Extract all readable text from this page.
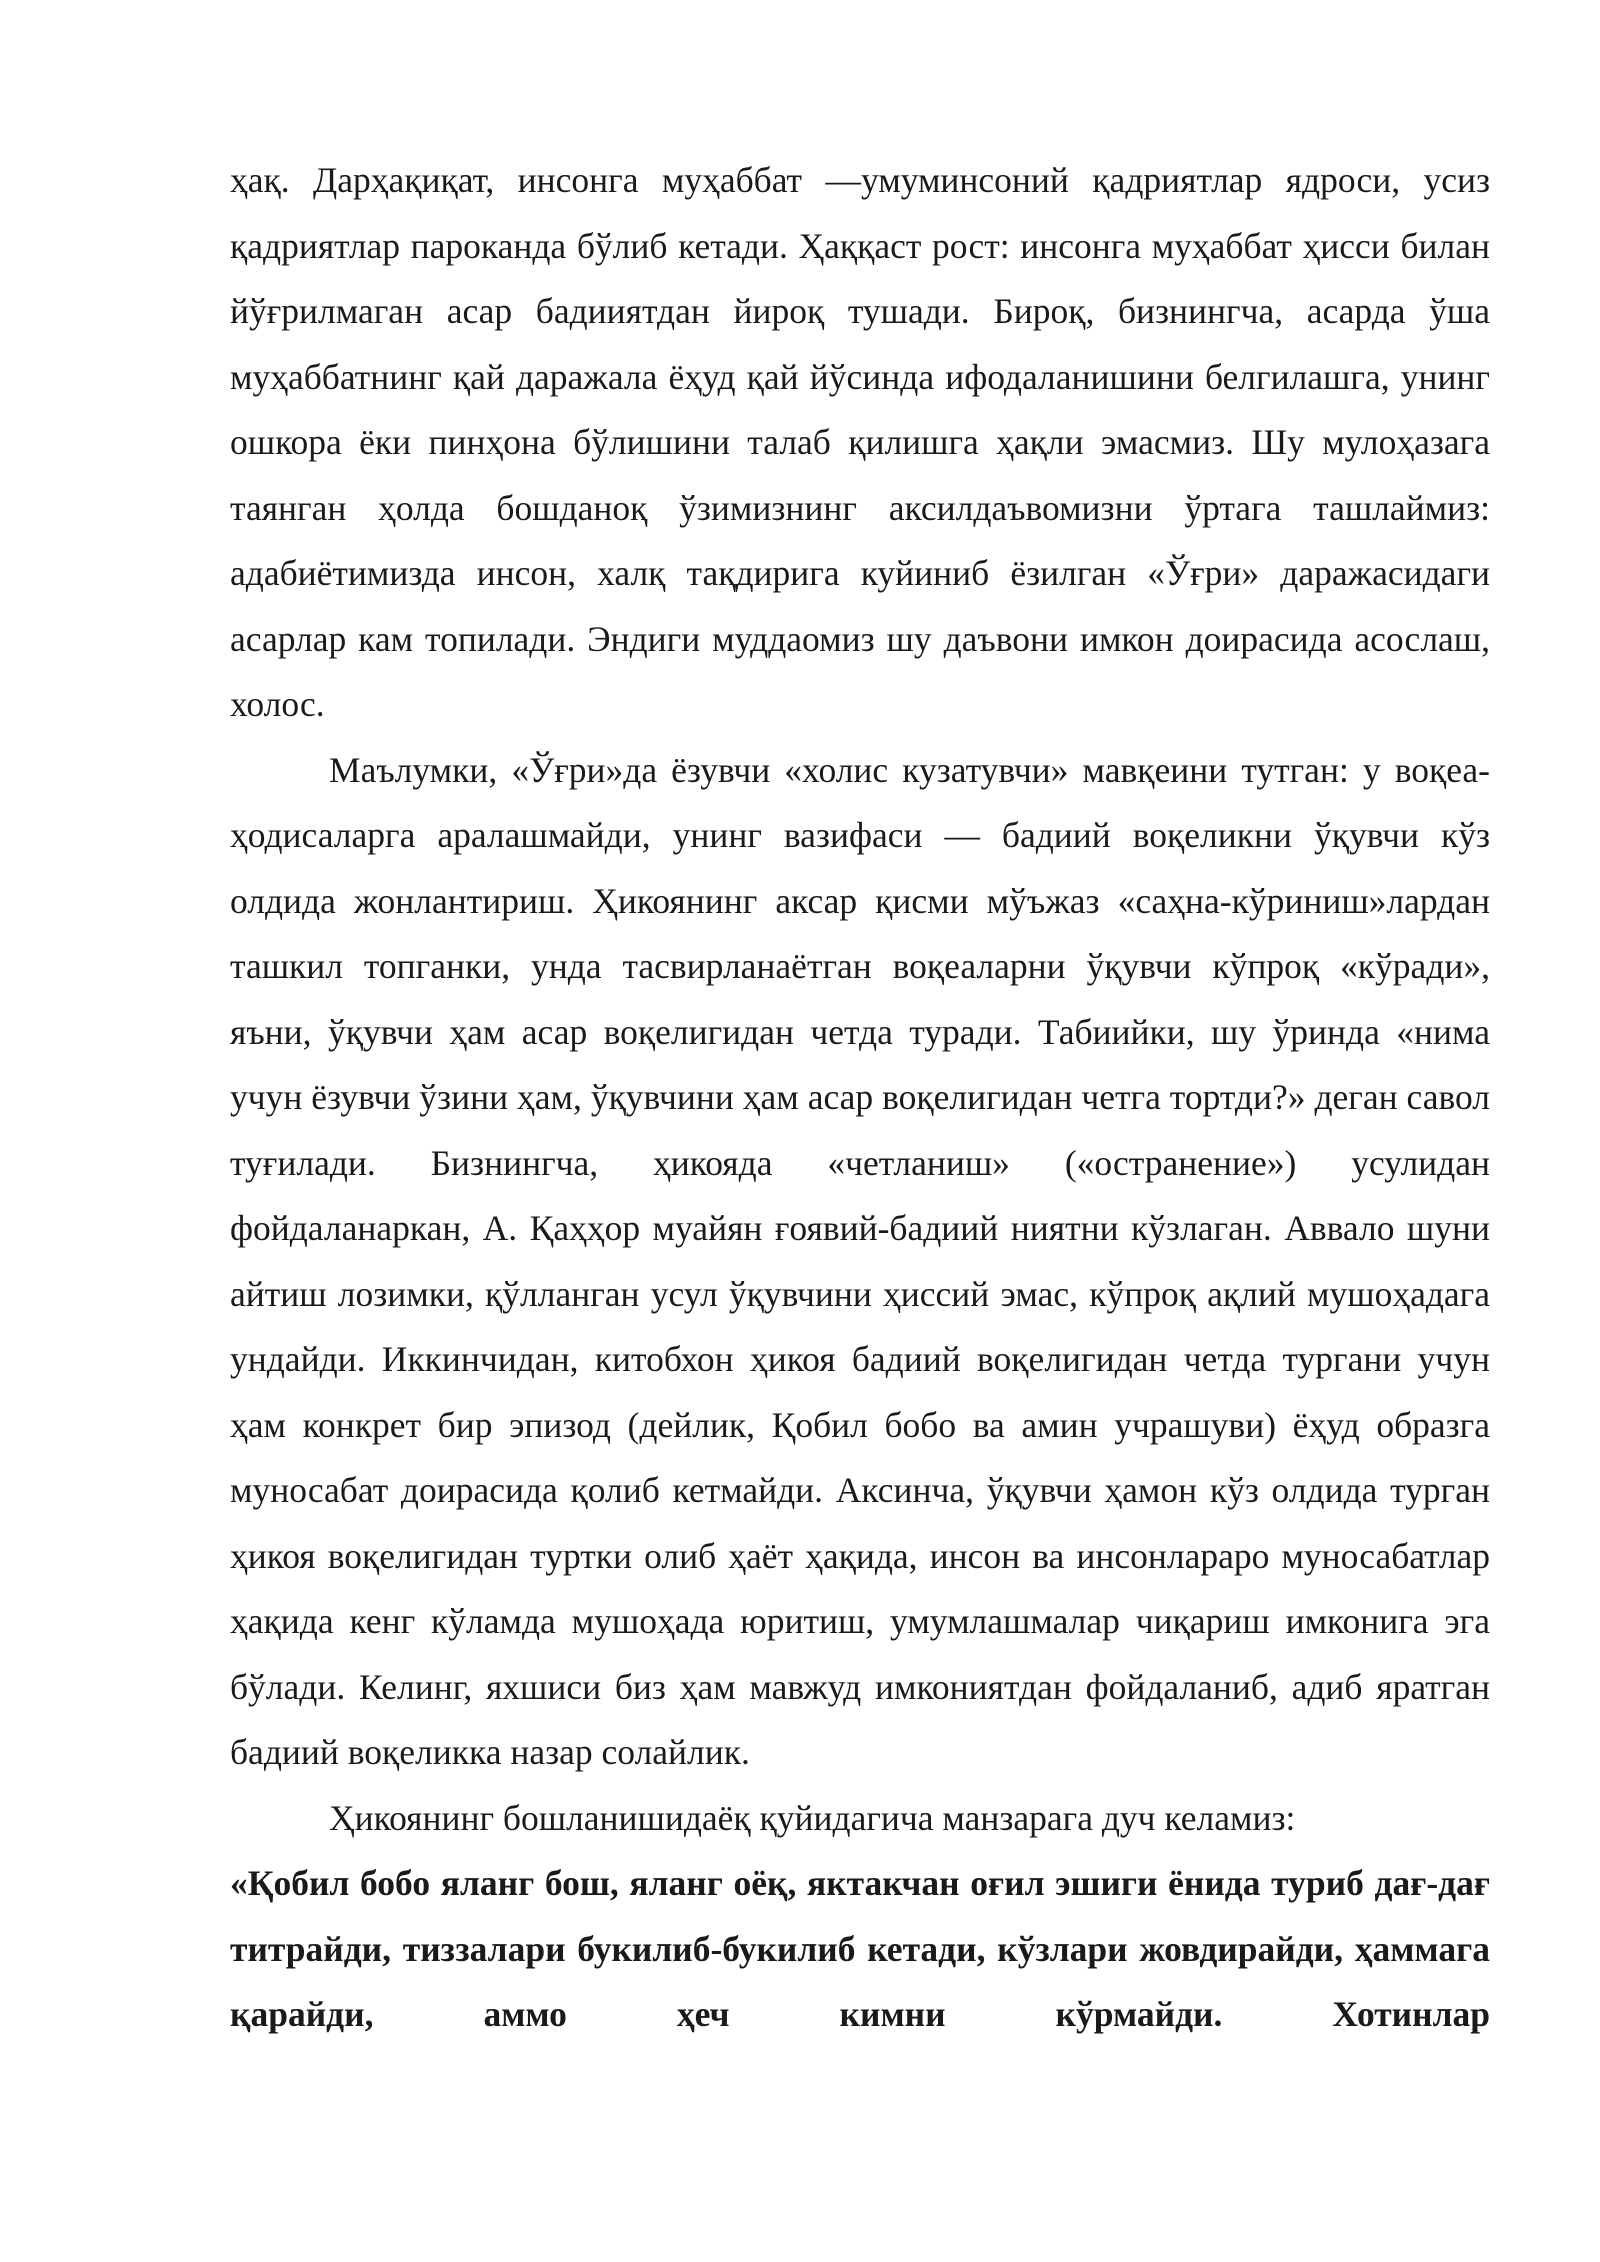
ҳақ. Дарҳақиқат, инсонга муҳаббат —умуминсоний қадриятлар ядроси, усиз қадриятлар пароканда бўлиб кетади. Ҳаққаст рост: инсонга муҳаббат ҳисси билан йўғрилмаган асар бадииятдан йироқ тушади. Бироқ, бизнингча, асарда ўша муҳаббатнинг қай даражала ёҳуд қай йўсинда ифодаланишини белгилашга, унинг ошкора ёки пинҳона бўлишини талаб қилишга ҳақли эмасмиз. Шу мулоҳазага таянган ҳолда бошданоқ ўзимизнинг аксилдаъвомизни ўртага ташлаймиз: адабиётимизда инсон, халқ тақдирига куйиниб ёзилган «Ўғри» даражасидаги асарлар кам топилади. Эндиги муддаомиз шу даъвони имкон доирасида асослаш, холос.

Маълумки, «Ўғри»да ёзувчи «холис кузатувчи» мавқеини тутган: у воқеа-ҳодисаларга аралашмайди, унинг вазифаси — бадиий воқеликни ўқувчи кўз олдида жонлантириш. Ҳикоянинг аксар қисми мўъжаз «саҳна-кўриниш»лардан ташкил топганки, унда тасвирланаётган воқеаларни ўқувчи кўпроқ «кўради», яъни, ўқувчи ҳам асар воқелигидан четда туради. Табиийки, шу ўринда «нима учун ёзувчи ўзини ҳам, ўқувчини ҳам асар воқелигидан четга тортди?» деган савол туғилади. Бизнингча, ҳикояда «четланиш» («остранение») усулидан фойдаланаркан, А. Қаҳҳор муайян ғоявий-бадиий ниятни кўзлаган. Аввало шуни айтиш лозимки, қўлланган усул ўқувчини ҳиссий эмас, кўпроқ ақлий мушоҳадага ундайди. Иккинчидан, китобхон ҳикоя бадиий воқелигидан четда тургани учун ҳам конкрет бир эпизод (дейлик, Қобил бобо ва амин учрашуви) ёҳуд образга муносабат доирасида қолиб кетмайди. Аксинча, ўқувчи ҳамон кўз олдида турган ҳикоя воқелигидан туртки олиб ҳаёт ҳақида, инсон ва инсонлараро муносабатлар ҳақида кенг кўламда мушоҳада юритиш, умумлашмалар чиқариш имконига эга бўлади. Келинг, яхшиси биз ҳам мавжуд имкониятдан фойдаланиб, адиб яратган бадиий воқеликка назар солайлик.

Ҳикоянинг бошланишидаёқ қуйидагича манзарага дуч келамиз:

«Қобил бобо яланг бош, яланг оёқ, яктакчан оғил эшиги ёнида туриб дағ-дағ титрайди, тиззалари букилиб-букилиб кетади, кўзлари жовдирайди, ҳаммага қарайди, аммо ҳеч кимни кўрмайди. Хотинлар
